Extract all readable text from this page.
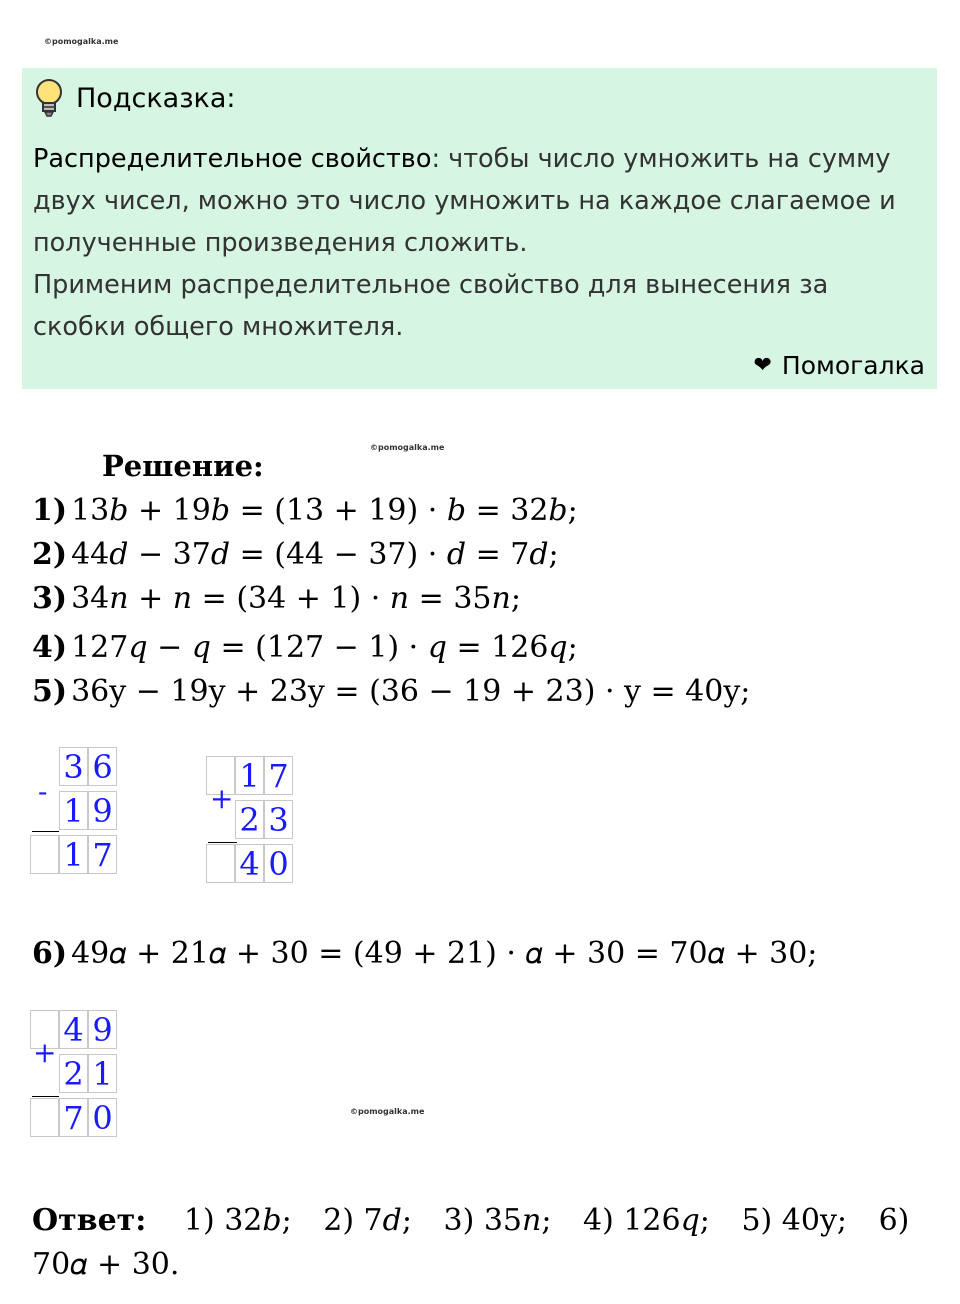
©pomogalka.me
Подсказка:

Распределительное свойство: чтобы число умножить на сумму двух чисел, можно это число умножить на каждое слагаемое и полученные произведения сложить.

Применим распределительное свойство для вынесения за скобки общего множителя.

❤ Помогалка
©pomogalka.me
Решение:
1) 13𝑏 + 19𝑏 = (13 + 19) · 𝑏 = 32𝑏;
2) 44𝑑 − 37𝑑 = (44 − 37) · 𝑑 = 7𝑑;
3) 34𝑛 + 𝑛 = (34 + 1) · 𝑛 = 35𝑛;
4) 127𝑞 − 𝑞 = (127 − 1) · 𝑞 = 126𝑞;
5) 36y − 19y + 23y = (36 − 19 + 23) · y = 40y;
3 6
1 9
1 7
-	1 7
2 3
4 0
+
6) 49𝛼 + 21𝛼 + 30 = (49 + 21) · 𝛼 + 30 = 70𝛼 + 30;
4 9
2 1
7 0
+
©pomogalka.me
Ответ: 1) 32𝑏; 2) 7𝑑; 3) 35𝑛; 4) 126𝑞; 5) 40y; 6) 70𝛼 + 30.
